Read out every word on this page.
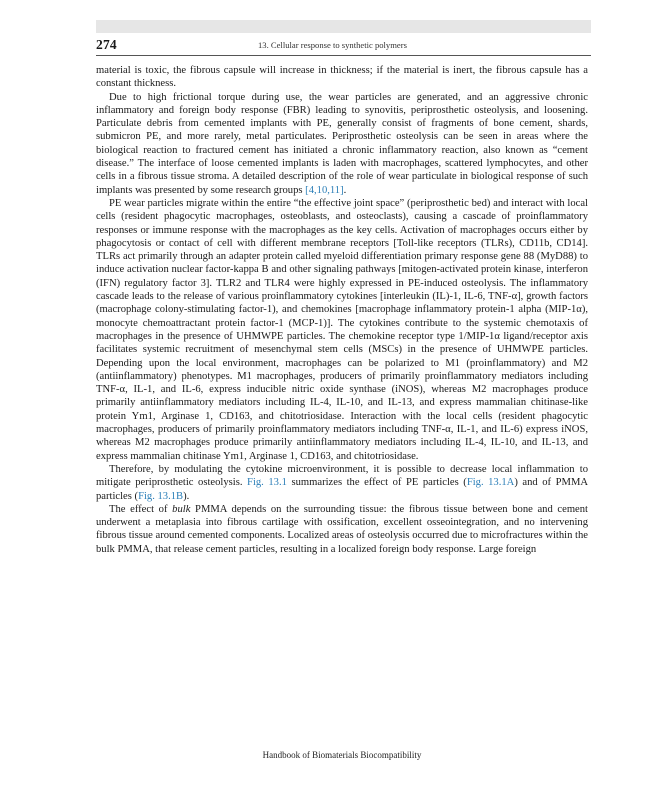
274	13. Cellular response to synthetic polymers

material is toxic, the fibrous capsule will increase in thickness; if the material is inert, the fibrous capsule has a constant thickness.

Due to high frictional torque during use, the wear particles are generated, and an aggressive chronic inflammatory and foreign body response (FBR) leading to synovitis, periprosthetic osteolysis, and loosening. Particulate debris from cemented implants with PE, generally consist of fragments of bone cement, shards, submicron PE, and more rarely, metal particulates. Periprosthetic osteolysis can be seen in areas where the biological reaction to fractured cement has initiated a chronic inflammatory reaction, also known as “cement disease.” The interface of loose cemented implants is laden with macrophages, scattered lymphocytes, and other cells in a fibrous tissue stroma. A detailed description of the role of wear particulate in biological response of such implants was presented by some research groups [4,10,11].

PE wear particles migrate within the entire “the effective joint space” (periprosthetic bed) and interact with local cells (resident phagocytic macrophages, osteoblasts, and osteoclasts), causing a cascade of proinflammatory responses or immune response with the macrophages as the key cells. Activation of macrophages occurs either by phagocytosis or contact of cell with different membrane receptors [Toll-like receptors (TLRs), CD11b, CD14]. TLRs act primarily through an adapter protein called myeloid differentiation primary response gene 88 (MyD88) to induce activation nuclear factor-kappa B and other signaling pathways [mitogen-activated protein kinase, interferon (IFN) regulatory factor 3]. TLR2 and TLR4 were highly expressed in PE-induced osteolysis. The inflammatory cascade leads to the release of various proinflammatory cytokines [interleukin (IL)-1, IL-6, TNF-α], growth factors (macrophage colony-stimulating factor-1), and chemokines [macrophage inflammatory protein-1 alpha (MIP-1α), monocyte chemoattractant protein factor-1 (MCP-1)]. The cytokines contribute to the systemic chemotaxis of macrophages in the presence of UHMWPE particles. The chemokine receptor type 1/MIP-1α ligand/receptor axis facilitates systemic recruitment of mesenchymal stem cells (MSCs) in the presence of UHMWPE particles. Depending upon the local environment, macrophages can be polarized to M1 (proinflammatory) and M2 (antiinflammatory) phenotypes. M1 macrophages, producers of primarily proinflammatory mediators including TNF-α, IL-1, and IL-6, express inducible nitric oxide synthase (iNOS), whereas M2 macrophages produce primarily antiinflammatory mediators including IL-4, IL-10, and IL-13, and express mammalian chitinase-like protein Ym1, Arginase 1, CD163, and chitotriosidase. Interaction with the local cells (resident phagocytic macrophages, producers of primarily proinflammatory mediators including TNF-α, IL-1, and IL-6) express iNOS, whereas M2 macrophages produce primarily antiinflammatory mediators including IL-4, IL-10, and IL-13, and express mammalian chitinase Ym1, Arginase 1, CD163, and chitotriosidase.

Therefore, by modulating the cytokine microenvironment, it is possible to decrease local inflammation to mitigate periprosthetic osteolysis. Fig. 13.1 summarizes the effect of PE particles (Fig. 13.1A) and of PMMA particles (Fig. 13.1B).

The effect of bulk PMMA depends on the surrounding tissue: the fibrous tissue between bone and cement underwent a metaplasia into fibrous cartilage with ossification, excellent osseointegration, and no intervening fibrous tissue around cemented components. Localized areas of osteolysis occurred due to microfractures within the bulk PMMA, that release cement particles, resulting in a localized foreign body response. Large foreign

Handbook of Biomaterials Biocompatibility
